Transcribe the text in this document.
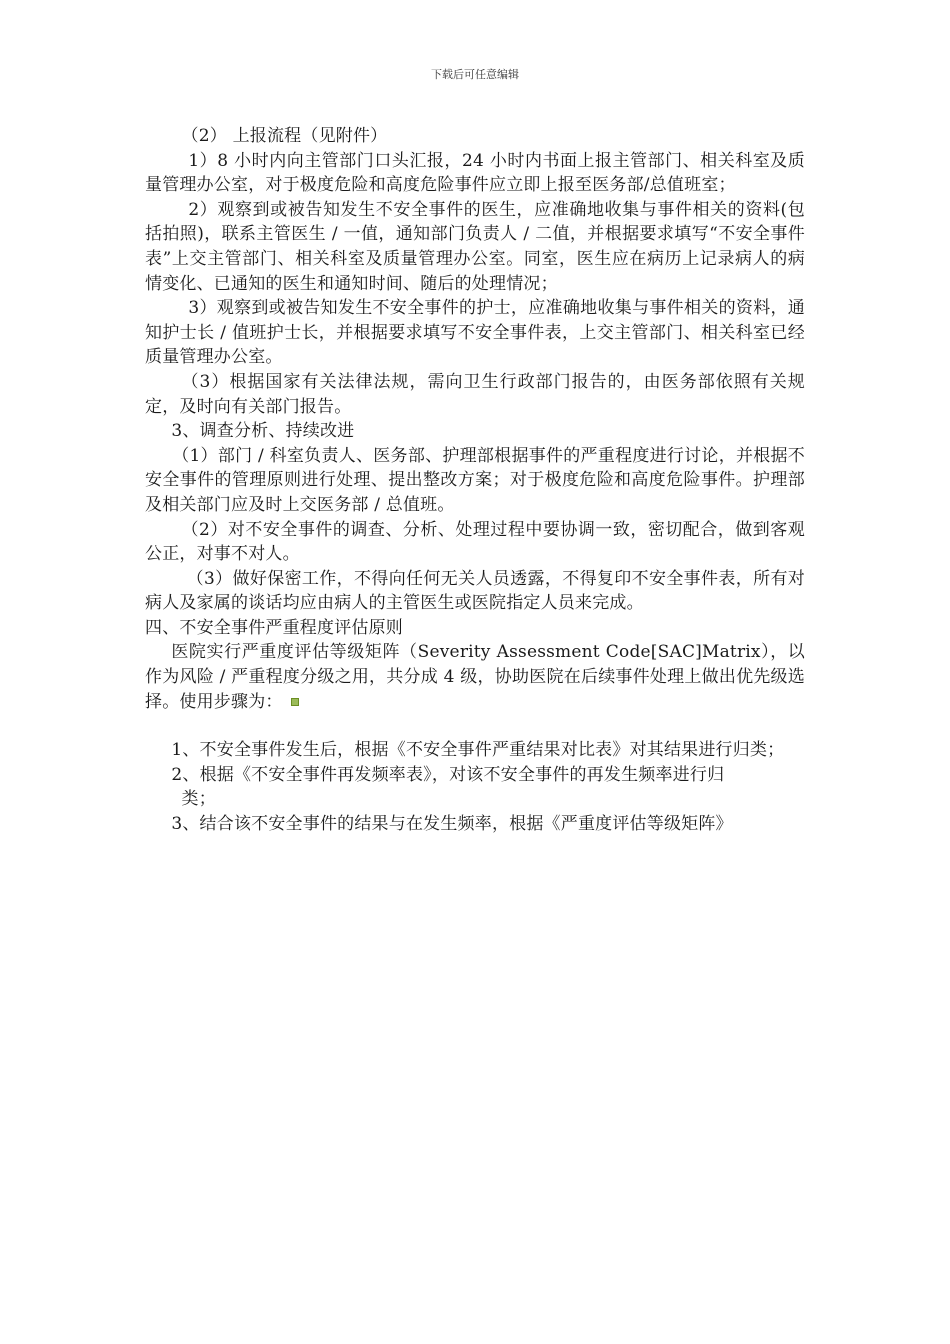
下载后可任意编辑

（2） 上报流程（见附件）

1）8 小时内向主管部门口头汇报，24 小时内书面上报主管部门、相关科室及质量管理办公室，对于极度危险和高度危险事件应立即上报至医务部/总值班室；

2）观察到或被告知发生不安全事件的医生，应准确地收集与事件相关的资料(包括拍照)，联系主管医生 / 一值，通知部门负责人 / 二值，并根据要求填写“不安全事件表”上交主管部门、相关科室及质量管理办公室。同室，医生应在病历上记录病人的病情变化、已通知的医生和通知时间、随后的处理情况；

3）观察到或被告知发生不安全事件的护士，应准确地收集与事件相关的资料，通知护士长 / 值班护士长，并根据要求填写不安全事件表，上交主管部门、相关科室已经质量管理办公室。

（3）根据国家有关法律法规，需向卫生行政部门报告的，由医务部依照有关规定，及时向有关部门报告。

3、调查分析、持续改进

（1）部门 / 科室负责人、医务部、护理部根据事件的严重程度进行讨论，并根据不安全事件的管理原则进行处理、提出整改方案；对于极度危险和高度危险事件。护理部及相关部门应及时上交医务部 / 总值班。

（2）对不安全事件的调查、分析、处理过程中要协调一致，密切配合，做到客观公正，对事不对人。

（3）做好保密工作，不得向任何无关人员透露，不得复印不安全事件表，所有对病人及家属的谈话均应由病人的主管医生或医院指定人员来完成。

四、不安全事件严重程度评估原则

医院实行严重度评估等级矩阵（Severity Assessment Code[SAC]Matrix），以作为风险 / 严重程度分级之用，共分成 4 级，协助医院在后续事件处理上做出优先级选择。使用步骤为：

1、不安全事件发生后，根据《不安全事件严重结果对比表》对其结果进行归类；

2、根据《不安全事件再发频率表》，对该不安全事件的再发生频率进行归
类；

3、结合该不安全事件的结果与在发生频率，根据《严重度评估等级矩阵》
